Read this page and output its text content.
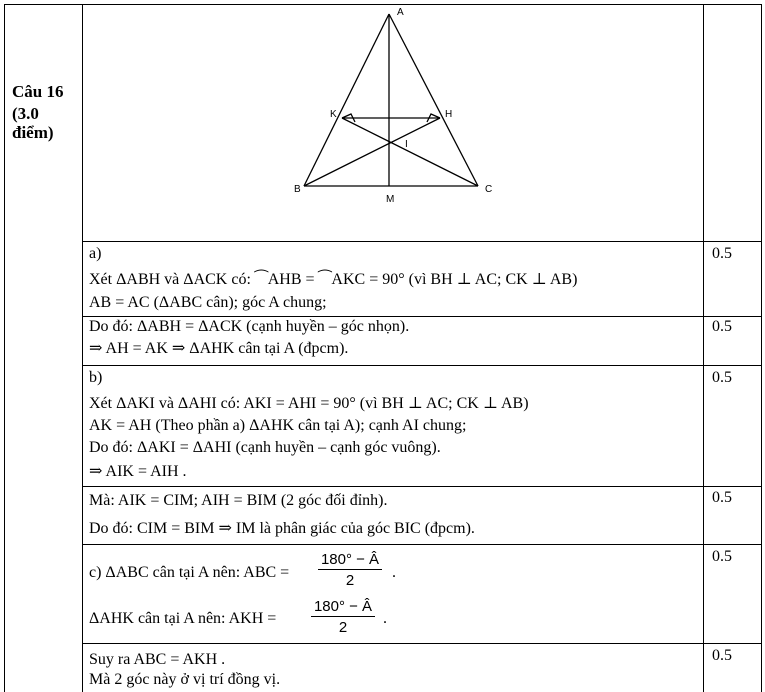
Câu 16
(3.0 điểm)
A
K	H
I
B
M
C
a)
Xét ΔABH và ΔACK có: ⁀AHB = ⁀AKC = 90° (vì BH ⊥ AC; CK ⊥ AB)
AB = AC (ΔABC cân); góc A chung;
0.5
Do đó: ΔABH = ΔACK (cạnh huyền – góc nhọn).
⇒ AH = AK ⇒ ΔAHK cân tại A (đpcm).
0.5
b)
Xét ΔAKI và ΔAHI có: AKI = AHI = 90° (vì BH ⊥ AC; CK ⊥ AB)
AK = AH (Theo phần a) ΔAHK cân tại A); cạnh AI chung;
Do đó: ΔAKI = ΔAHI (cạnh huyền – cạnh góc vuông).
⇒ AIK = AIH .
0.5
Mà: AIK = CIM; AIH = BIM (2 góc đối đỉnh).
Do đó: CIM = BIM ⇒ IM là phân giác của góc BIC (đpcm).
0.5
c) ΔABC cân tại A nên: ABC = $\frac{180^\circ - Â}{2}$ .
ΔAHK cân tại A nên: AKH = $\frac{180^\circ - Â}{2}$ .
0.5
Suy ra ABC = AKH .
Mà 2 góc này ở vị trí đồng vị.
0.5
